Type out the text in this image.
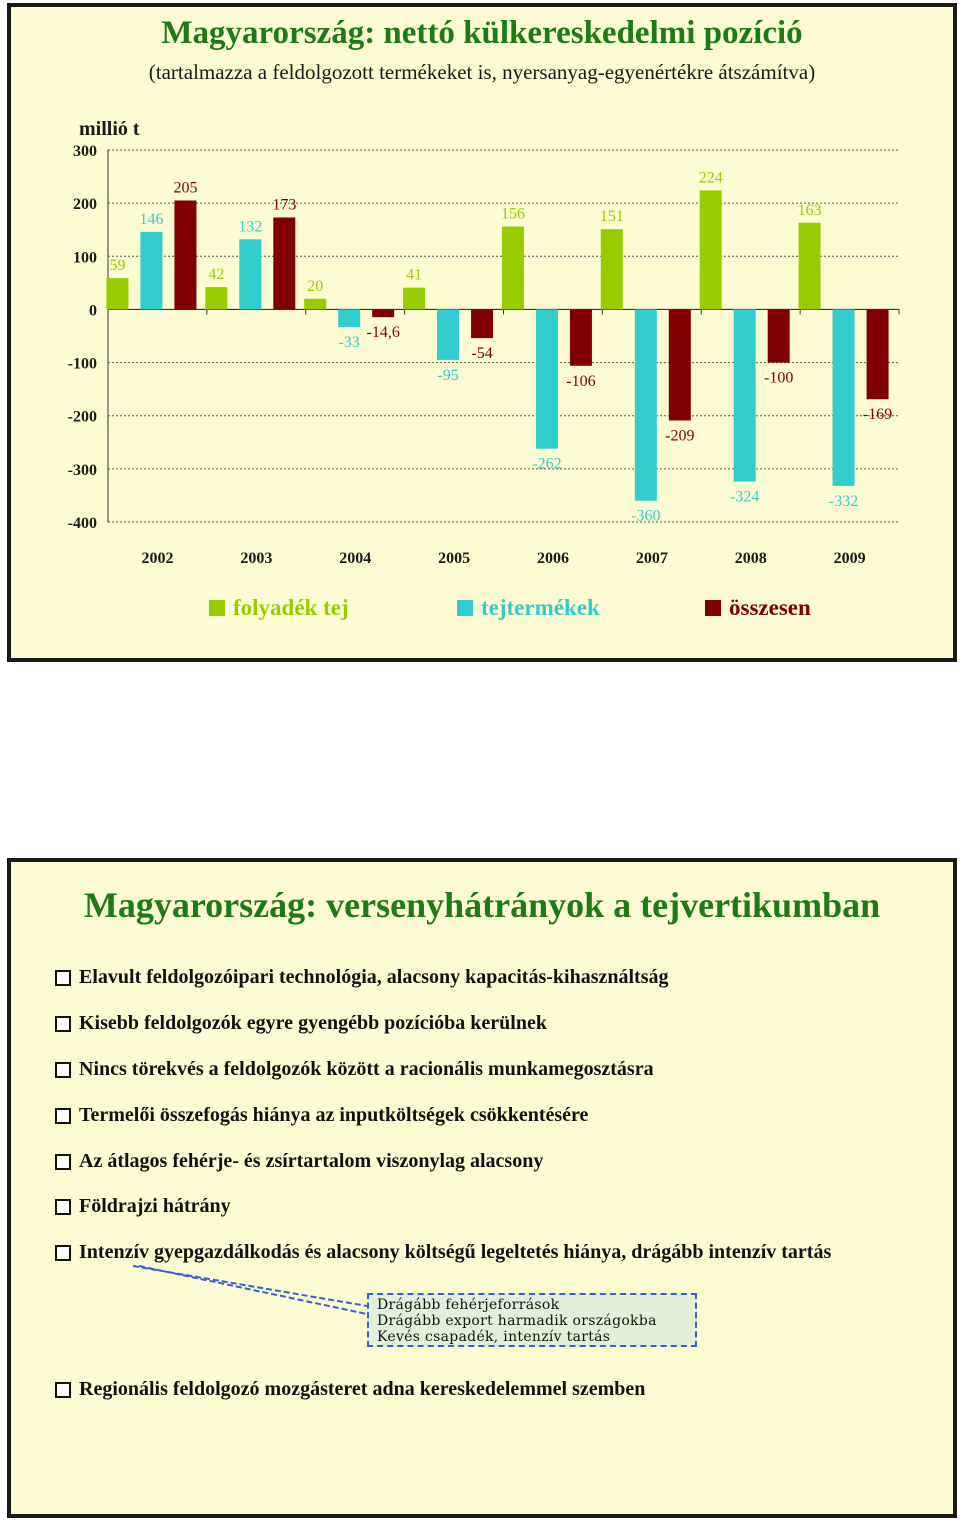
Magyarország: nettó külkereskedelmi pozíció
(tartalmazza a feldolgozott termékeket is, nyersanyag-egyenértékre átszámítva)
millió t
300
200
100
0
-100
-200
-300
-400
59
146
205
2002
42
132
173
2003
20
-33
-14,6
2004
41
-95
-54
2005
156
-262
-106
2006
151
-360
-209
2007
224
-324
-100
2008
163
-332
-169
2009
folyadék tej	tejtermékek	összesen
Magyarország: versenyhátrányok a tejvertikumban
Elavult feldolgozóipari technológia, alacsony kapacitás-kihasználtság
Kisebb feldolgozók egyre gyengébb pozícióba kerülnek
Nincs törekvés a feldolgozók között a racionális munkamegosztásra
Termelői összefogás hiánya az inputköltségek csökkentésére
Az átlagos fehérje- és zsírtartalom viszonylag alacsony
Földrajzi hátrány
Intenzív gyepgazdálkodás és alacsony költségű legeltetés hiánya, drágább intenzív tartás
Drágább fehérjeforrások
Drágább export harmadik országokba
Kevés csapadék, intenzív tartás
Regionális feldolgozó mozgásteret adna kereskedelemmel szemben
